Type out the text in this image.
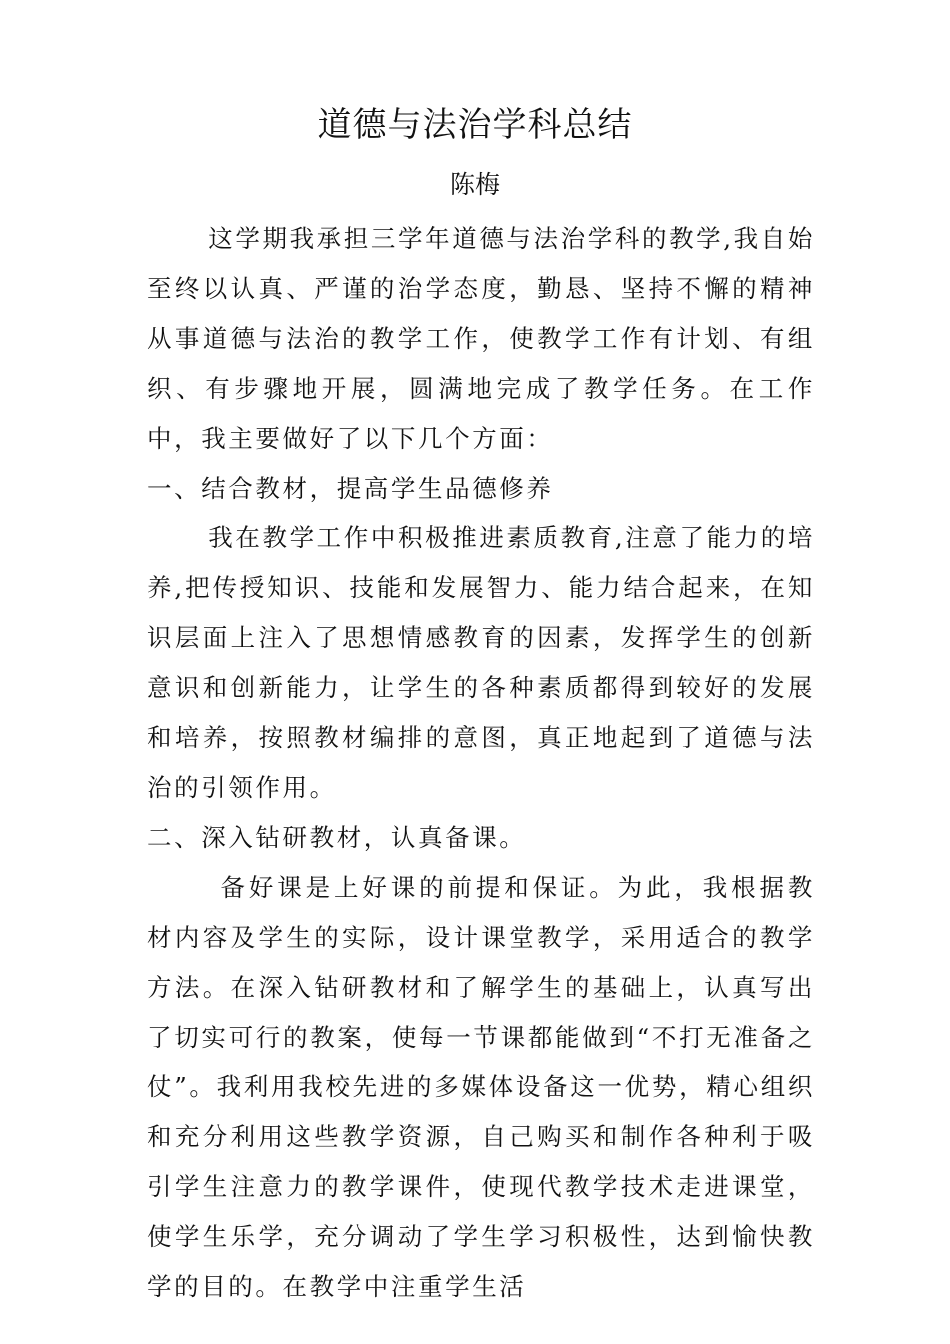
道德与法治学科总结
陈梅

这学期我承担三学年道德与法治学科的教学,我自始至终以认真、严谨的治学态度，勤恳、坚持不懈的精神从事道德与法治的教学工作，使教学工作有计划、有组织、有步骤地开展，圆满地完成了教学任务。在工作中，我主要做好了以下几个方面：

一、结合教材，提高学生品德修养

我在教学工作中积极推进素质教育,注意了能力的培养,把传授知识、技能和发展智力、能力结合起来，在知识层面上注入了思想情感教育的因素，发挥学生的创新意识和创新能力，让学生的各种素质都得到较好的发展和培养，按照教材编排的意图，真正地起到了道德与法治的引领作用。

二、深入钻研教材，认真备课。

备好课是上好课的前提和保证。为此，我根据教材内容及学生的实际，设计课堂教学，采用适合的教学方法。在深入钻研教材和了解学生的基础上，认真写出了切实可行的教案，使每一节课都能做到“不打无准备之仗”。我利用我校先进的多媒体设备这一优势，精心组织和充分利用这些教学资源，自己购买和制作各种利于吸引学生注意力的教学课件，使现代教学技术走进课堂，使学生乐学，充分调动了学生学习积极性，达到愉快教学的目的。在教学中注重学生活
